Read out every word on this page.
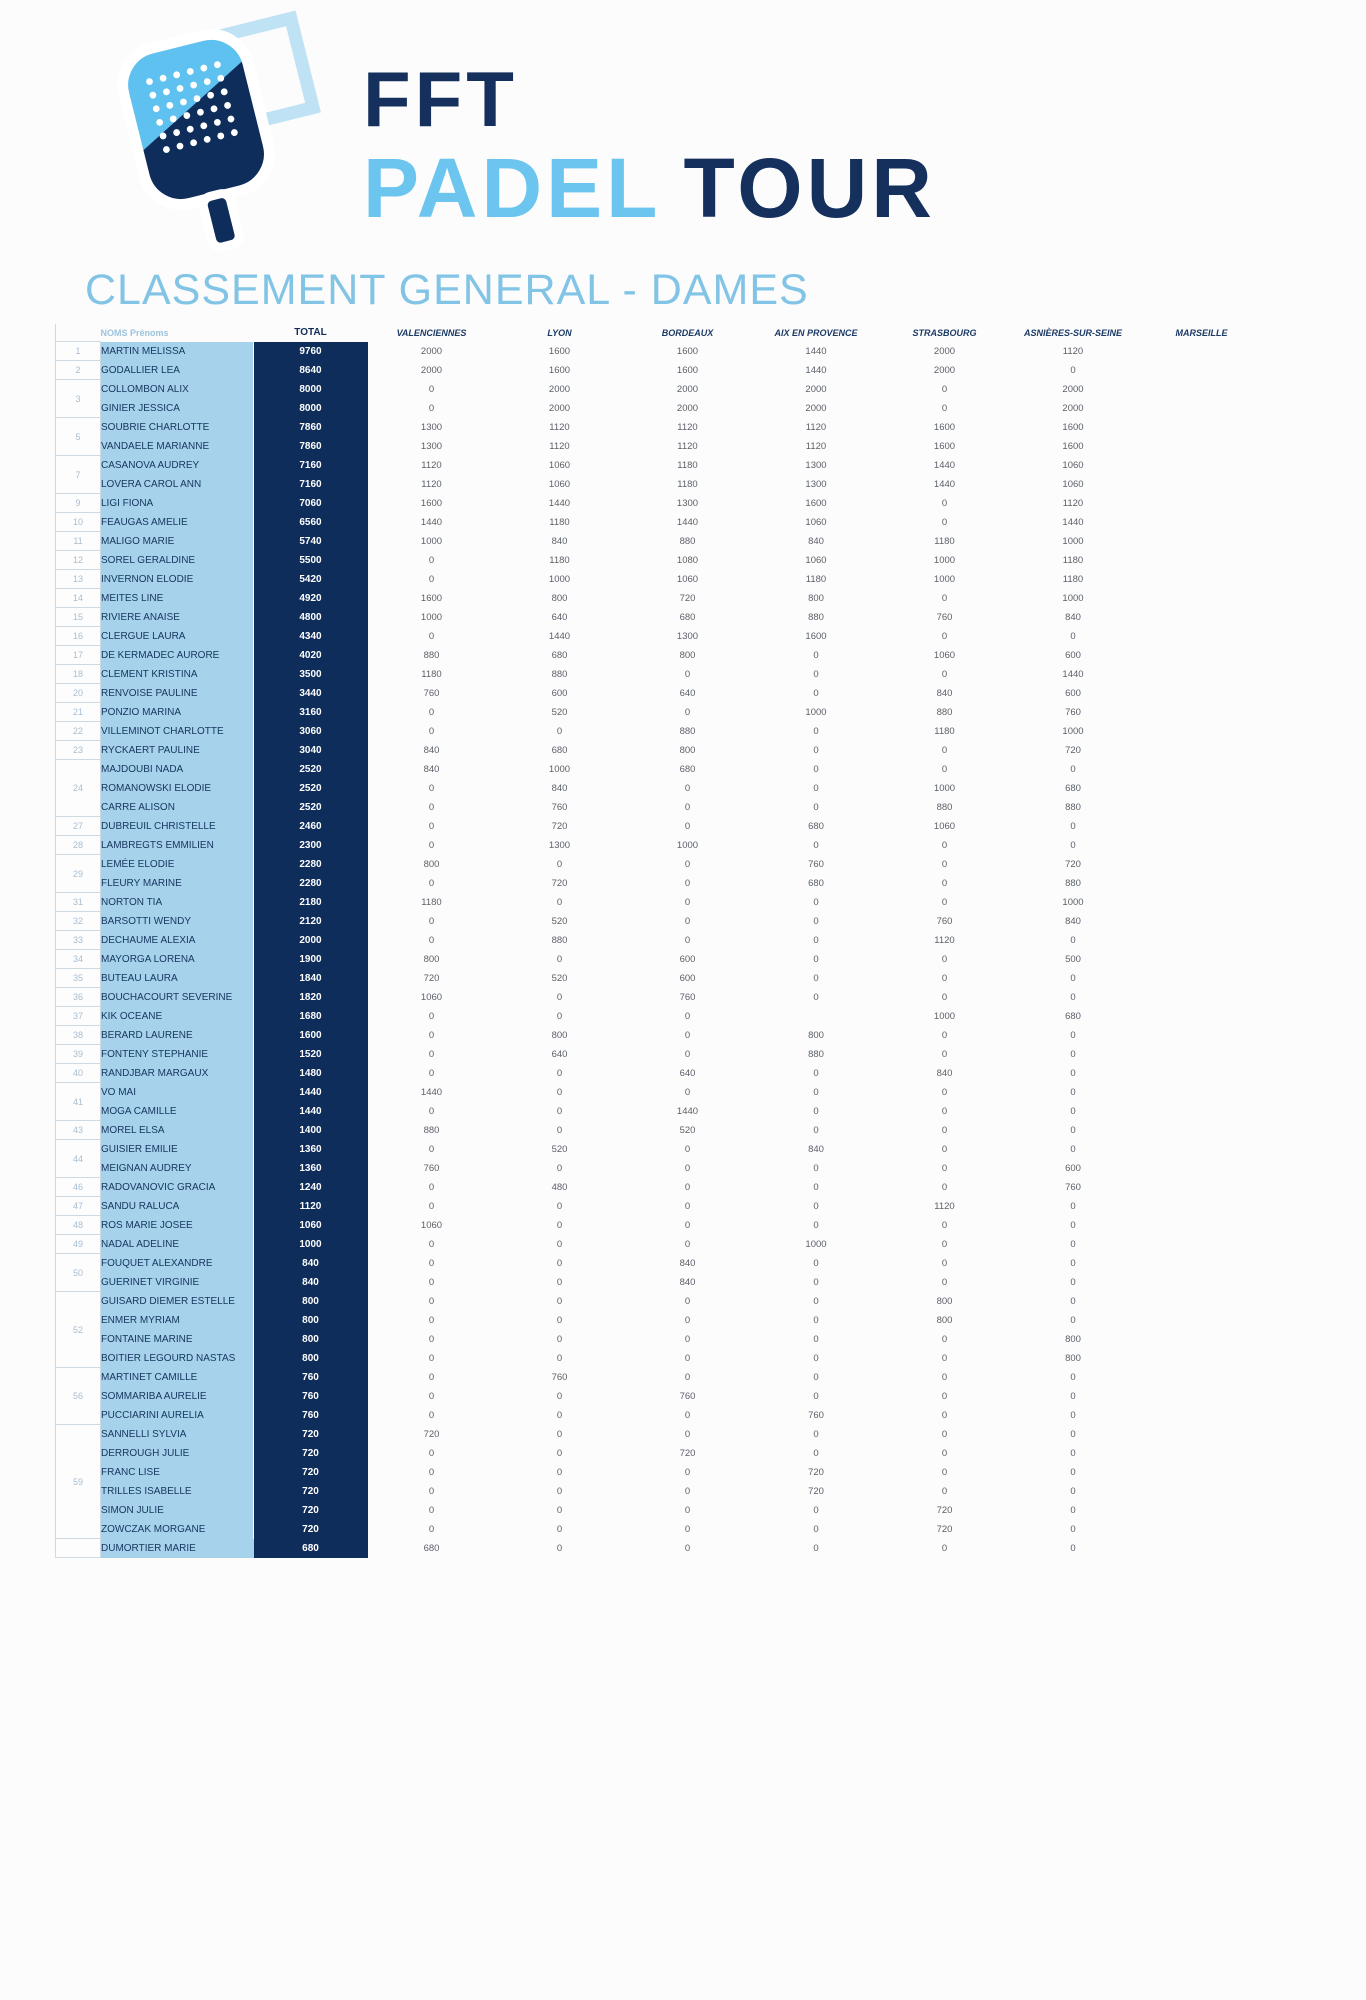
FFT
PADEL TOUR
CLASSEMENT GENERAL - DAMES
	NOMS Prénoms	TOTAL	VALENCIENNES	LYON	BORDEAUX	AIX EN PROVENCE	STRASBOURG	ASNIÈRES-SUR-SEINE	MARSEILLE
1	MARTIN MELISSA	9760	2000	1600	1600	1440	2000	1120	
2	GODALLIER LEA	8640	2000	1600	1600	1440	2000	0	
3	COLLOMBON ALIX	8000	0	2000	2000	2000	0	2000	
	GINIER JESSICA	8000	0	2000	2000	2000	0	2000	
5	SOUBRIE CHARLOTTE	7860	1300	1120	1120	1120	1600	1600	
	VANDAELE MARIANNE	7860	1300	1120	1120	1120	1600	1600	
7	CASANOVA AUDREY	7160	1120	1060	1180	1300	1440	1060	
	LOVERA CAROL ANN	7160	1120	1060	1180	1300	1440	1060	
9	LIGI FIONA	7060	1600	1440	1300	1600	0	1120	
10	FEAUGAS AMELIE	6560	1440	1180	1440	1060	0	1440	
11	MALIGO MARIE	5740	1000	840	880	840	1180	1000	
12	SOREL GERALDINE	5500	0	1180	1080	1060	1000	1180	
13	INVERNON ELODIE	5420	0	1000	1060	1180	1000	1180	
14	MEITES LINE	4920	1600	800	720	800	0	1000	
15	RIVIERE ANAISE	4800	1000	640	680	880	760	840	
16	CLERGUE LAURA	4340	0	1440	1300	1600	0	0	
17	DE KERMADEC AURORE	4020	880	680	800	0	1060	600	
18	CLEMENT KRISTINA	3500	1180	880	0	0	0	1440	
20	RENVOISE PAULINE	3440	760	600	640	0	840	600	
21	PONZIO MARINA	3160	0	520	0	1000	880	760	
22	VILLEMINOT CHARLOTTE	3060	0	0	880	0	1180	1000	
23	RYCKAERT PAULINE	3040	840	680	800	0	0	720	
24	MAJDOUBI NADA	2520	840	1000	680	0	0	0	
	ROMANOWSKI ELODIE	2520	0	840	0	0	1000	680	
	CARRE ALISON	2520	0	760	0	0	880	880	
27	DUBREUIL CHRISTELLE	2460	0	720	0	680	1060	0	
28	LAMBREGTS EMMILIEN	2300	0	1300	1000	0	0	0	
29	LEMÉE ELODIE	2280	800	0	0	760	0	720	
	FLEURY MARINE	2280	0	720	0	680	0	880	
31	NORTON TIA	2180	1180	0	0	0	0	1000	
32	BARSOTTI WENDY	2120	0	520	0	0	760	840	
33	DECHAUME ALEXIA	2000	0	880	0	0	1120	0	
34	MAYORGA LORENA	1900	800	0	600	0	0	500	
35	BUTEAU LAURA	1840	720	520	600	0	0	0	
36	BOUCHACOURT SEVERINE	1820	1060	0	760	0	0	0	
37	KIK OCEANE	1680	0	0	0		1000	680	
38	BERARD LAURENE	1600	0	800	0	800	0	0	
39	FONTENY STEPHANIE	1520	0	640	0	880	0	0	
40	RANDJBAR MARGAUX	1480	0	0	640	0	840	0	
41	VO MAI	1440	1440	0	0	0	0	0	
	MOGA CAMILLE	1440	0	0	1440	0	0	0	
43	MOREL ELSA	1400	880	0	520	0	0	0	
44	GUISIER EMILIE	1360	0	520	0	840	0	0	
	MEIGNAN AUDREY	1360	760	0	0	0	0	600	
46	RADOVANOVIC GRACIA	1240	0	480	0	0	0	760	
47	SANDU RALUCA	1120	0	0	0	0	1120	0	
48	ROS MARIE JOSEE	1060	1060	0	0	0	0	0	
49	NADAL ADELINE	1000	0	0	0	1000	0	0	
50	FOUQUET ALEXANDRE	840	0	0	840	0	0	0	
	GUERINET VIRGINIE	840	0	0	840	0	0	0	
52	GUISARD DIEMER ESTELLE	800	0	0	0	0	800	0	
	ENMER MYRIAM	800	0	0	0	0	800	0	
	FONTAINE MARINE	800	0	0	0	0	0	800	
	BOITIER LEGOURD NASTAS	800	0	0	0	0	0	800	
56	MARTINET CAMILLE	760	0	760	0	0	0	0	
	SOMMARIBA AURELIE	760	0	0	760	0	0	0	
	PUCCIARINI AURELIA	760	0	0	0	760	0	0	
59	SANNELLI SYLVIA	720	720	0	0	0	0	0	
	DERROUGH JULIE	720	0	0	720	0	0	0	
	FRANC LISE	720	0	0	0	720	0	0	
	TRILLES ISABELLE	720	0	0	0	720	0	0	
	SIMON JULIE	720	0	0	0	0	720	0	
	ZOWCZAK MORGANE	720	0	0	0	0	720	0	
	DUMORTIER MARIE	680	680	0	0	0	0	0	
